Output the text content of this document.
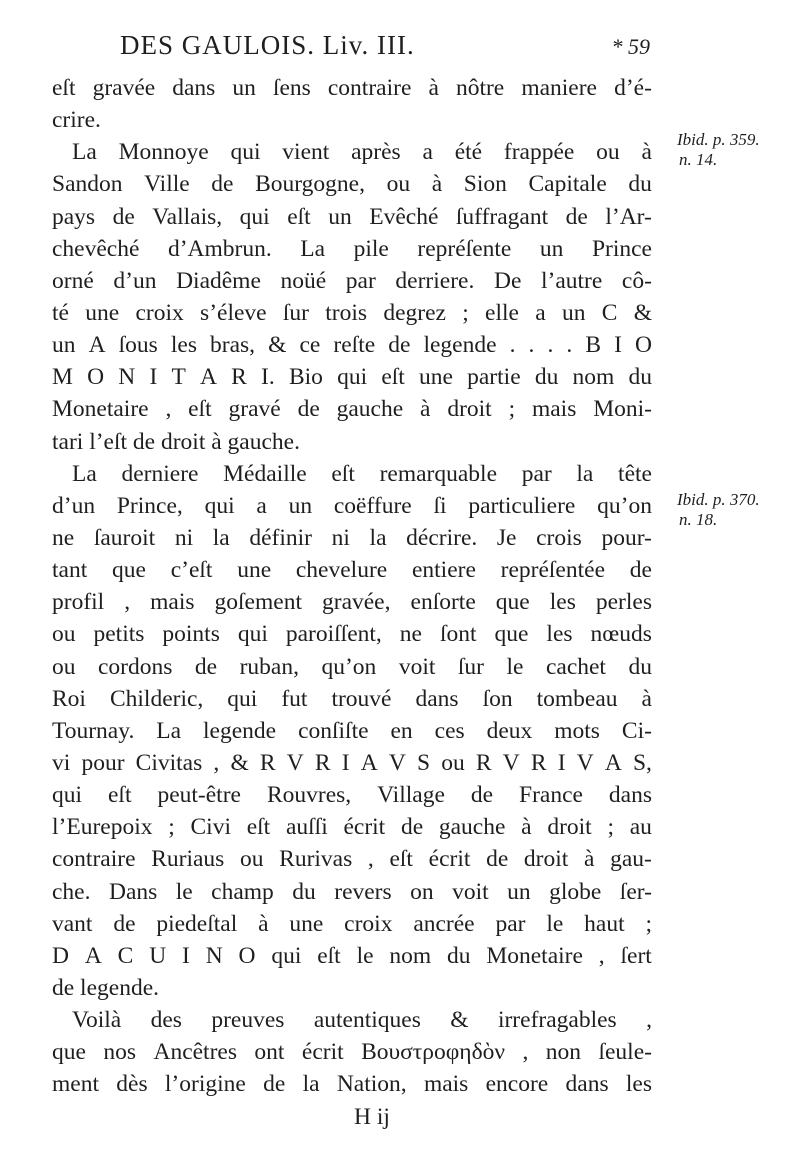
DES GAULOIS. Liv. III.	* 59
eſt gravée dans un ſens contraire à nôtre maniere d’é-
crire.
La Monnoye qui vient après a été frappée ou à
Sandon Ville de Bourgogne, ou à Sion Capitale du
pays de Vallais, qui eſt un Evêché ſuffragant de l’Ar-
chevêché d’Ambrun. La pile repréſente un Prince
orné d’un Diadême noüé par derriere. De l’autre cô-
té une croix s’éleve ſur trois degrez ; elle a un C &
un A ſous les bras, & ce reſte de legende . . . . B I O
M O N I T A R I. Bio qui eſt une partie du nom du
Monetaire , eſt gravé de gauche à droit ; mais Moni-
tari l’eſt de droit à gauche.
La derniere Médaille eſt remarquable par la tête
d’un Prince, qui a un coëffure ſi particuliere qu’on
ne ſauroit ni la définir ni la décrire. Je crois pour-
tant que c’eſt une chevelure entiere repréſentée de
profil , mais goſement gravée, enſorte que les perles
ou petits points qui paroiſſent, ne ſont que les nœuds
ou cordons de ruban, qu’on voit ſur le cachet du
Roi Childeric, qui fut trouvé dans ſon tombeau à
Tournay. La legende conſiſte en ces deux mots Ci-
vi pour Civitas , & R V R I A V S ou R V R I V A S,
qui eſt peut-être Rouvres, Village de France dans
l’Eurepoix ; Civi eſt auſſi écrit de gauche à droit ; au
contraire Ruriaus ou Rurivas , eſt écrit de droit à gau-
che. Dans le champ du revers on voit un globe ſer-
vant de piedeſtal à une croix ancrée par le haut ;
D A C U I N O qui eſt le nom du Monetaire , ſert
de legende.
Voilà des preuves autentiques & irrefragables ,
que nos Ancêtres ont écrit Βουστροφηδὸν , non ſeule-
ment dès l’origine de la Nation, mais encore dans les
H ij
Ibid. p. 359.
n. 14.
Ibid. p. 370.
n. 18.
